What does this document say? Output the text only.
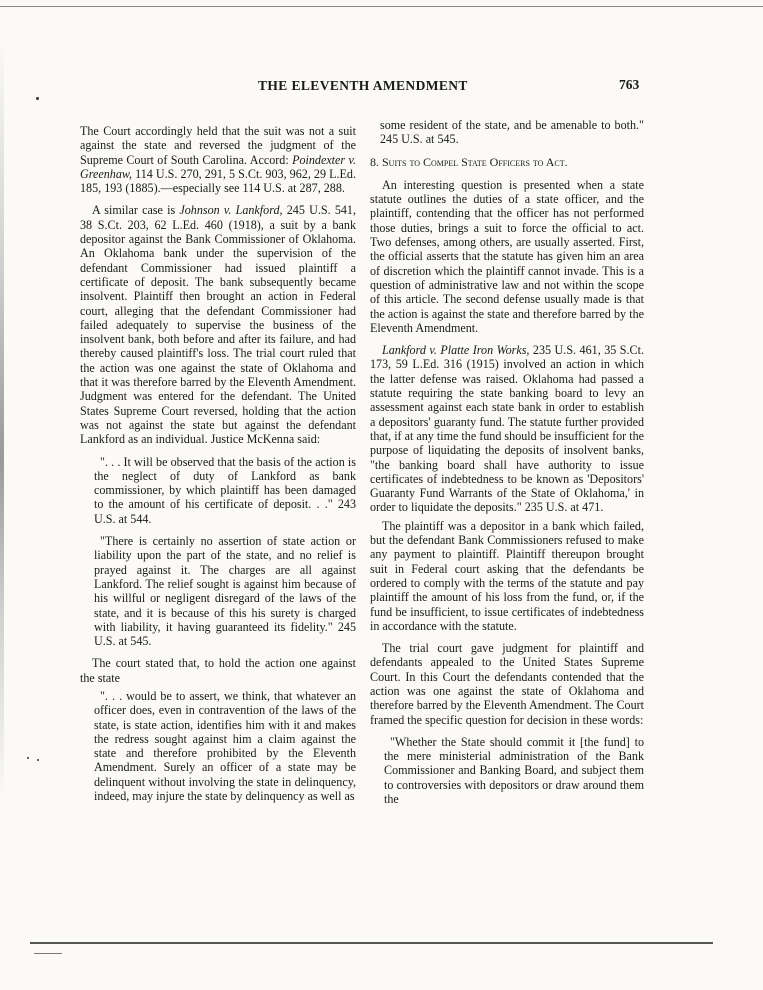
THE ELEVENTH AMENDMENT	763

The Court accordingly held that the suit was not a suit against the state and reversed the judgment of the Supreme Court of South Carolina. Accord: Poindexter v. Greenhaw, 114 U.S. 270, 291, 5 S.Ct. 903, 962, 29 L.Ed. 185, 193 (1885).—especially see 114 U.S. at 287, 288.

A similar case is Johnson v. Lankford, 245 U.S. 541, 38 S.Ct. 203, 62 L.Ed. 460 (1918), a suit by a bank depositor against the Bank Commissioner of Oklahoma. An Oklahoma bank under the supervision of the defendant Commissioner had issued plaintiff a certificate of deposit. The bank subsequently became insolvent. Plaintiff then brought an action in Federal court, alleging that the defendant Commissioner had failed adequately to supervise the business of the insolvent bank, both before and after its failure, and had thereby caused plaintiff's loss. The trial court ruled that the action was one against the state of Oklahoma and that it was therefore barred by the Eleventh Amendment. Judgment was entered for the defendant. The United States Supreme Court reversed, holding that the action was not against the state but against the defendant Lankford as an individual. Justice McKenna said:

". . . It will be observed that the basis of the action is the neglect of duty of Lankford as bank commissioner, by which plaintiff has been damaged to the amount of his certificate of deposit. . ." 243 U.S. at 544.

"There is certainly no assertion of state action or liability upon the part of the state, and no relief is prayed against it. The charges are all against Lankford. The relief sought is against him because of his willful or negligent disregard of the laws of the state, and it is because of this his surety is charged with liability, it having guaranteed its fidelity." 245 U.S. at 545.

The court stated that, to hold the action one against the state

". . . would be to assert, we think, that whatever an officer does, even in contravention of the laws of the state, is state action, identifies him with it and makes the redress sought against him a claim against the state and therefore prohibited by the Eleventh Amendment. Surely an officer of a state may be delinquent without involving the state in delinquency, indeed, may injure the state by delinquency as well as

some resident of the state, and be amenable to both." 245 U.S. at 545.

8. Suits to Compel State Officers to Act.

An interesting question is presented when a state statute outlines the duties of a state officer, and the plaintiff, contending that the officer has not performed those duties, brings a suit to force the official to act. Two defenses, among others, are usually asserted. First, the official asserts that the statute has given him an area of discretion which the plaintiff cannot invade. This is a question of administrative law and not within the scope of this article. The second defense usually made is that the action is against the state and therefore barred by the Eleventh Amendment.

Lankford v. Platte Iron Works, 235 U.S. 461, 35 S.Ct. 173, 59 L.Ed. 316 (1915) involved an action in which the latter defense was raised. Oklahoma had passed a statute requiring the state banking board to levy an assessment against each state bank in order to establish a depositors' guaranty fund. The statute further provided that, if at any time the fund should be insufficient for the purpose of liquidating the deposits of insolvent banks, "the banking board shall have authority to issue certificates of indebtedness to be known as 'Depositors' Guaranty Fund Warrants of the State of Oklahoma,' in order to liquidate the deposits." 235 U.S. at 471.

The plaintiff was a depositor in a bank which failed, but the defendant Bank Commissioners refused to make any payment to plaintiff. Plaintiff thereupon brought suit in Federal court asking that the defendants be ordered to comply with the terms of the statute and pay plaintiff the amount of his loss from the fund, or, if the fund be insufficient, to issue certificates of indebtedness in accordance with the statute.

The trial court gave judgment for plaintiff and defendants appealed to the United States Supreme Court. In this Court the defendants contended that the action was one against the state of Oklahoma and therefore barred by the Eleventh Amendment. The Court framed the specific question for decision in these words:

"Whether the State should commit it [the fund] to the mere ministerial administration of the Bank Commissioner and Banking Board, and subject them to controversies with depositors or draw around them the
